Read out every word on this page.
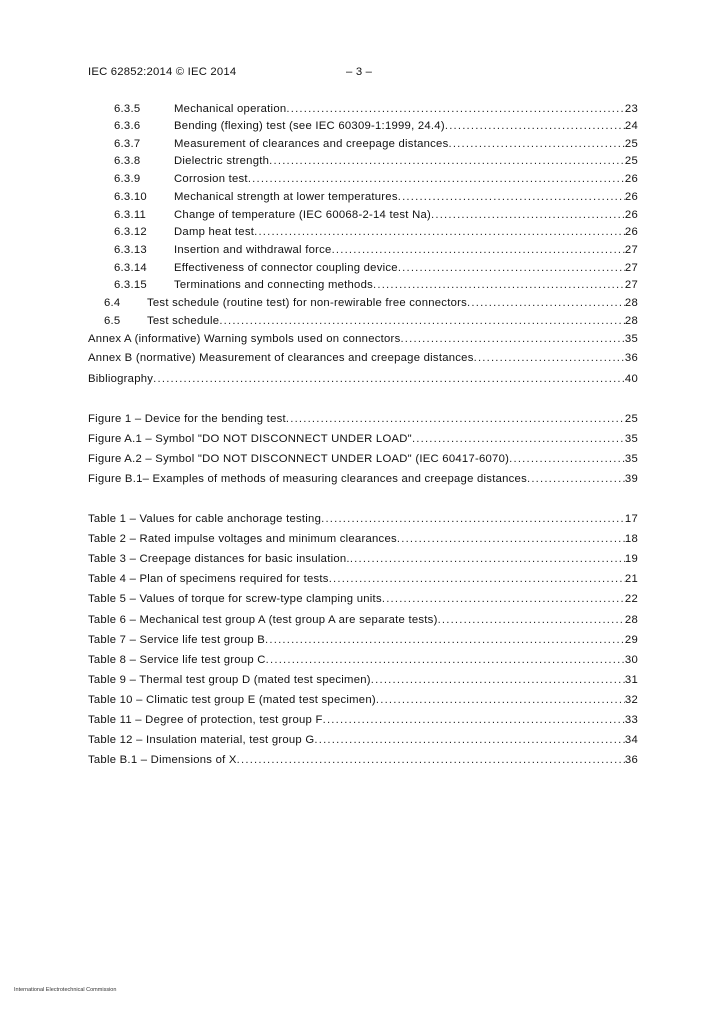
IEC 62852:2014 © IEC 2014	– 3 –
6.3.5	Mechanical operation .....	23
6.3.6	Bending (flexing) test (see IEC 60309-1:1999, 24.4) .....	24
6.3.7	Measurement of clearances and creepage distances .....	25
6.3.8	Dielectric strength .....	25
6.3.9	Corrosion test .....	26
6.3.10 Mechanical strength at lower temperatures .....	26
6.3.11 Change of temperature (IEC 60068-2-14 test Na) .....	26
6.3.12 Damp heat test .....	26
6.3.13 Insertion and withdrawal force .....	27
6.3.14 Effectiveness of connector coupling device .....	27
6.3.15 Terminations and connecting methods .....	27
6.4 Test schedule (routine test) for non-rewirable free connectors .....	28
6.5 Test schedule .....	28
Annex A (informative) Warning symbols used on connectors .....	35
Annex B (normative) Measurement of clearances and creepage distances .....	36
Bibliography .....	40
Figure 1 – Device for the bending test .....	25
Figure A.1 – Symbol "DO NOT DISCONNECT UNDER LOAD" .....	35
Figure A.2 – Symbol "DO NOT DISCONNECT UNDER LOAD" (IEC 60417-6070) .....	35
Figure B.1– Examples of methods of measuring clearances and creepage distances .....	39
Table 1 – Values for cable anchorage testing .....	17
Table 2 – Rated impulse voltages and minimum clearances .....	18
Table 3 – Creepage distances for basic insulation. .....	19
Table 4 – Plan of specimens required for tests .....	21
Table 5 – Values of torque for screw-type clamping units .....	22
Table 6 – Mechanical test group A (test group A are separate tests) .....	28
Table 7 – Service life test group B .....	29
Table 8 – Service life test group C .....	30
Table 9 – Thermal test group D (mated test specimen) .....	31
Table 10 – Climatic test group E (mated test specimen) .....	32
Table 11 – Degree of protection, test group F .....	33
Table 12 – Insulation material, test group G .....	34
Table B.1 – Dimensions of X .....	36
International Electrotechnical Commission
